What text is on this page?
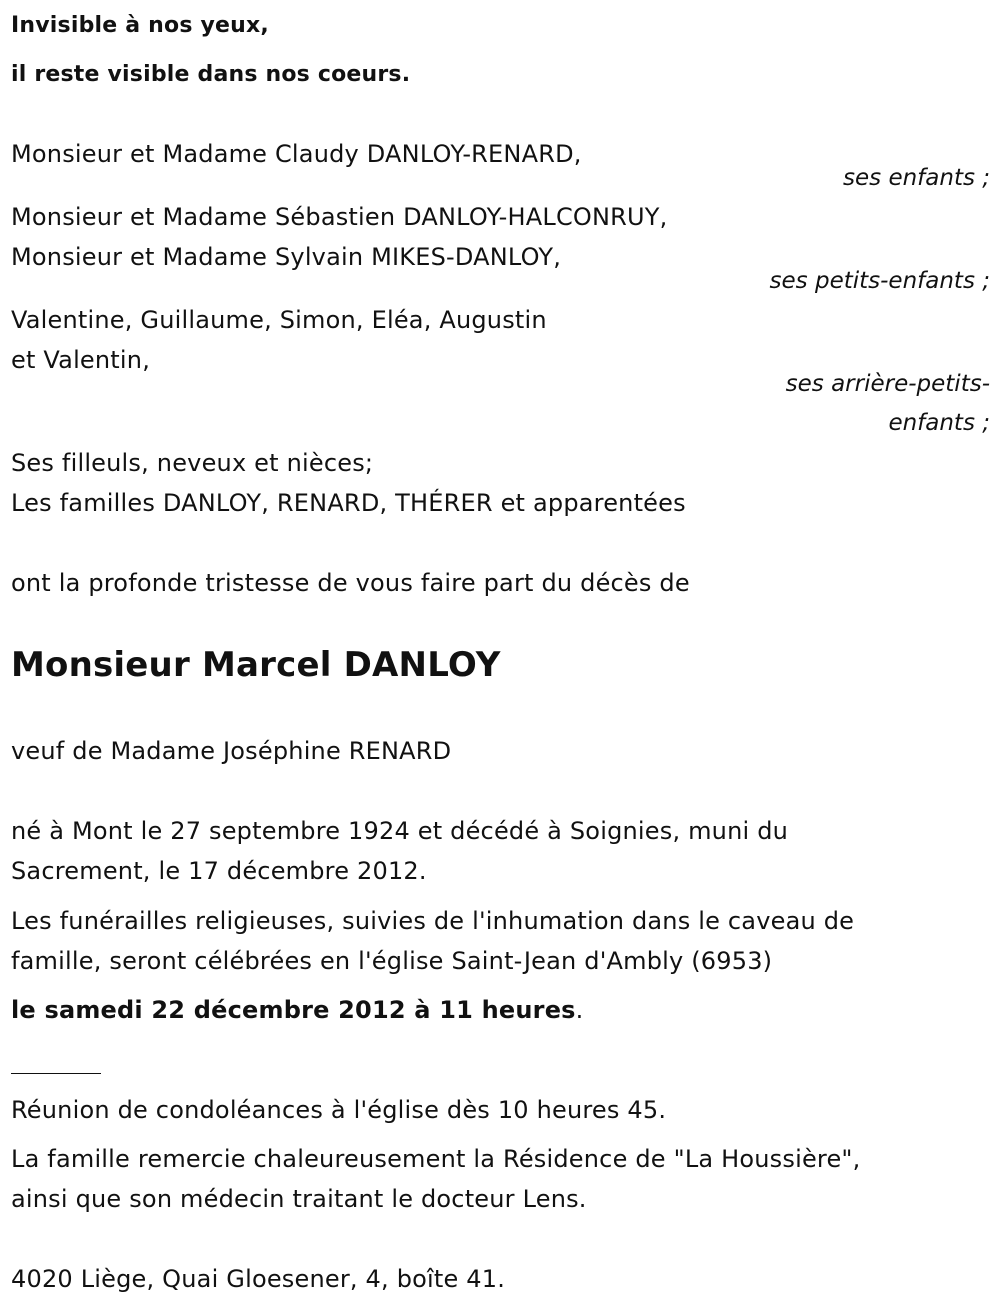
Invisible à nos yeux,

il reste visible dans nos coeurs.

Monsieur et Madame Claudy DANLOY-RENARD,

ses enfants ;

Monsieur et Madame Sébastien DANLOY-HALCONRUY,

Monsieur et Madame Sylvain MIKES-DANLOY,

ses petits-enfants ;

Valentine, Guillaume, Simon, Eléa, Augustin

et Valentin,

ses arrière-petits-

enfants ;

Ses filleuls, neveux et nièces;

Les familles DANLOY, RENARD, THÉRER et apparentées

ont la profonde tristesse de vous faire part du décès de

Monsieur Marcel DANLOY

veuf de Madame Joséphine RENARD

né à Mont le 27 septembre 1924 et décédé à Soignies, muni du

Sacrement, le 17 décembre 2012.

Les funérailles religieuses, suivies de l'inhumation dans le caveau de

famille, seront célébrées en l'église Saint-Jean d'Ambly (6953)

le samedi 22 décembre 2012 à 11 heures.

Réunion de condoléances à l'église dès 10 heures 45.

La famille remercie chaleureusement la Résidence de "La Houssière",

ainsi que son médecin traitant le docteur Lens.

4020 Liège, Quai Gloesener, 4, boîte 41.
